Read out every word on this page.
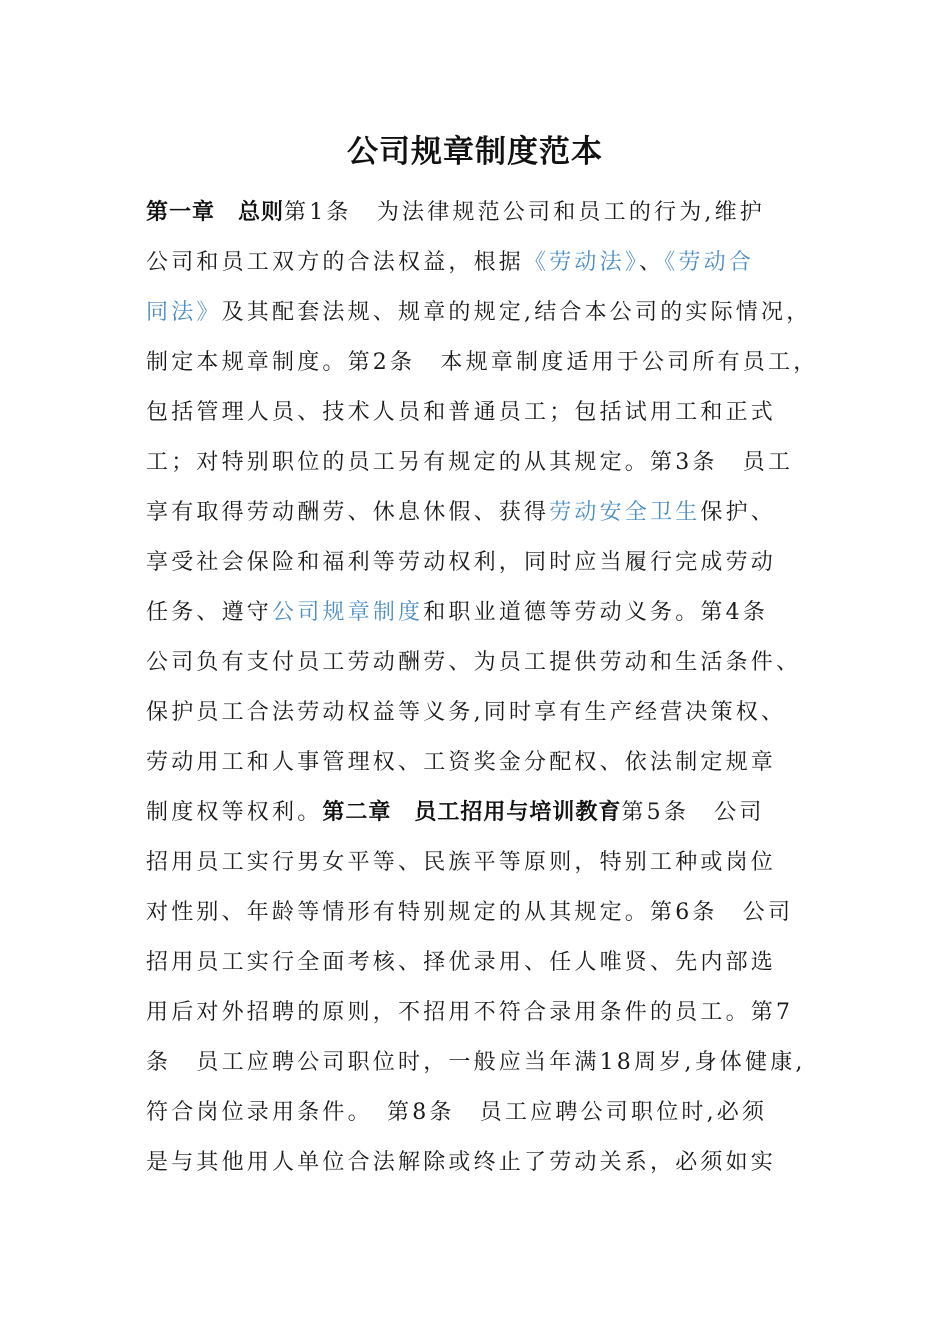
公司规章制度范本
第一章　总则第1条　为法律规范公司和员工的行为,维护
公司和员工双方的合法权益，根据《劳动法》、《劳动合
同法》及其配套法规、规章的规定,结合本公司的实际情况，
制定本规章制度。第2条　本规章制度适用于公司所有员工，
包括管理人员、技术人员和普通员工；包括试用工和正式
工；对特别职位的员工另有规定的从其规定。第3条　员工
享有取得劳动酬劳、休息休假、获得劳动安全卫生保护、
享受社会保险和福利等劳动权利，同时应当履行完成劳动
任务、遵守公司规章制度和职业道德等劳动义务。第4条
公司负有支付员工劳动酬劳、为员工提供劳动和生活条件、
保护员工合法劳动权益等义务,同时享有生产经营决策权、
劳动用工和人事管理权、工资奖金分配权、依法制定规章
制度权等权利。第二章　员工招用与培训教育第5条　公司
招用员工实行男女平等、民族平等原则，特别工种或岗位
对性别、年龄等情形有特别规定的从其规定。第6条　公司
招用员工实行全面考核、择优录用、任人唯贤、先内部选
用后对外招聘的原则，不招用不符合录用条件的员工。第7
条　员工应聘公司职位时，一般应当年满18周岁,身体健康,
符合岗位录用条件。　第8条　员工应聘公司职位时,必须
是与其他用人单位合法解除或终止了劳动关系，必须如实
